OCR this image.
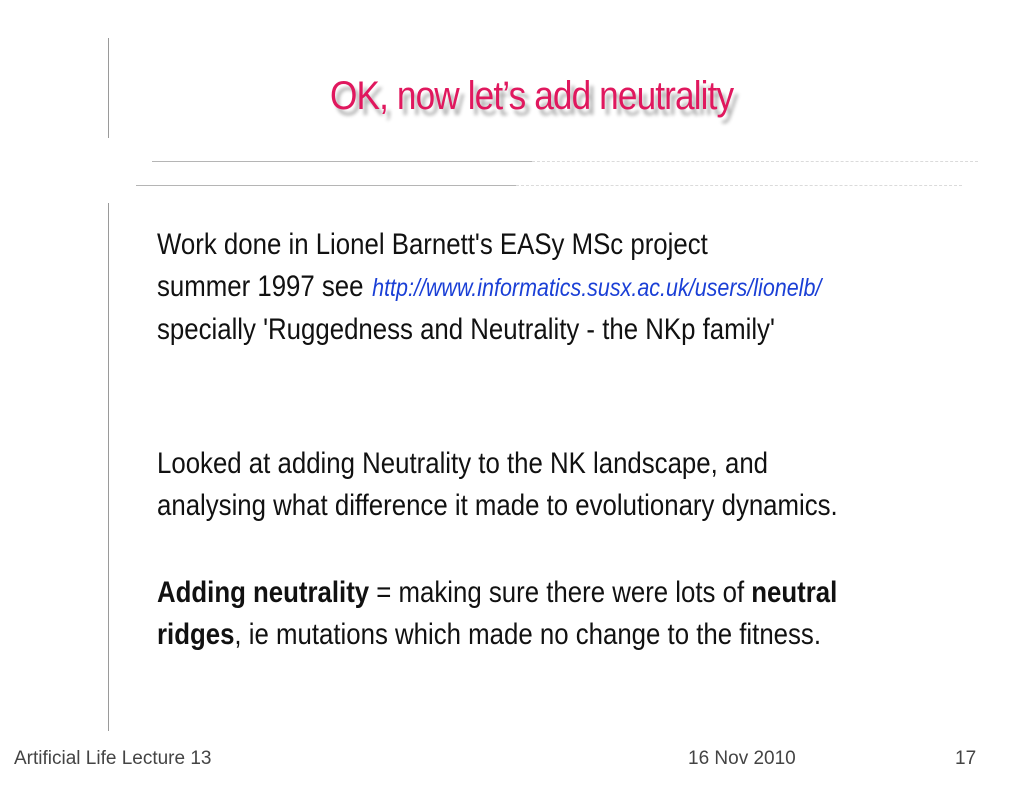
OK, now let’s add neutrality
Work done in Lionel Barnett's EASy MSc project
summer 1997 see http://www.informatics.susx.ac.uk/users/lionelb/
specially 'Ruggedness and Neutrality - the NKp family'
Looked at adding Neutrality to the NK landscape, and
analysing what difference it made to evolutionary dynamics.
Adding neutrality = making sure there were lots of neutral
ridges, ie mutations which made no change to the fitness.
Artificial Life Lecture 13	16 Nov 2010	17
